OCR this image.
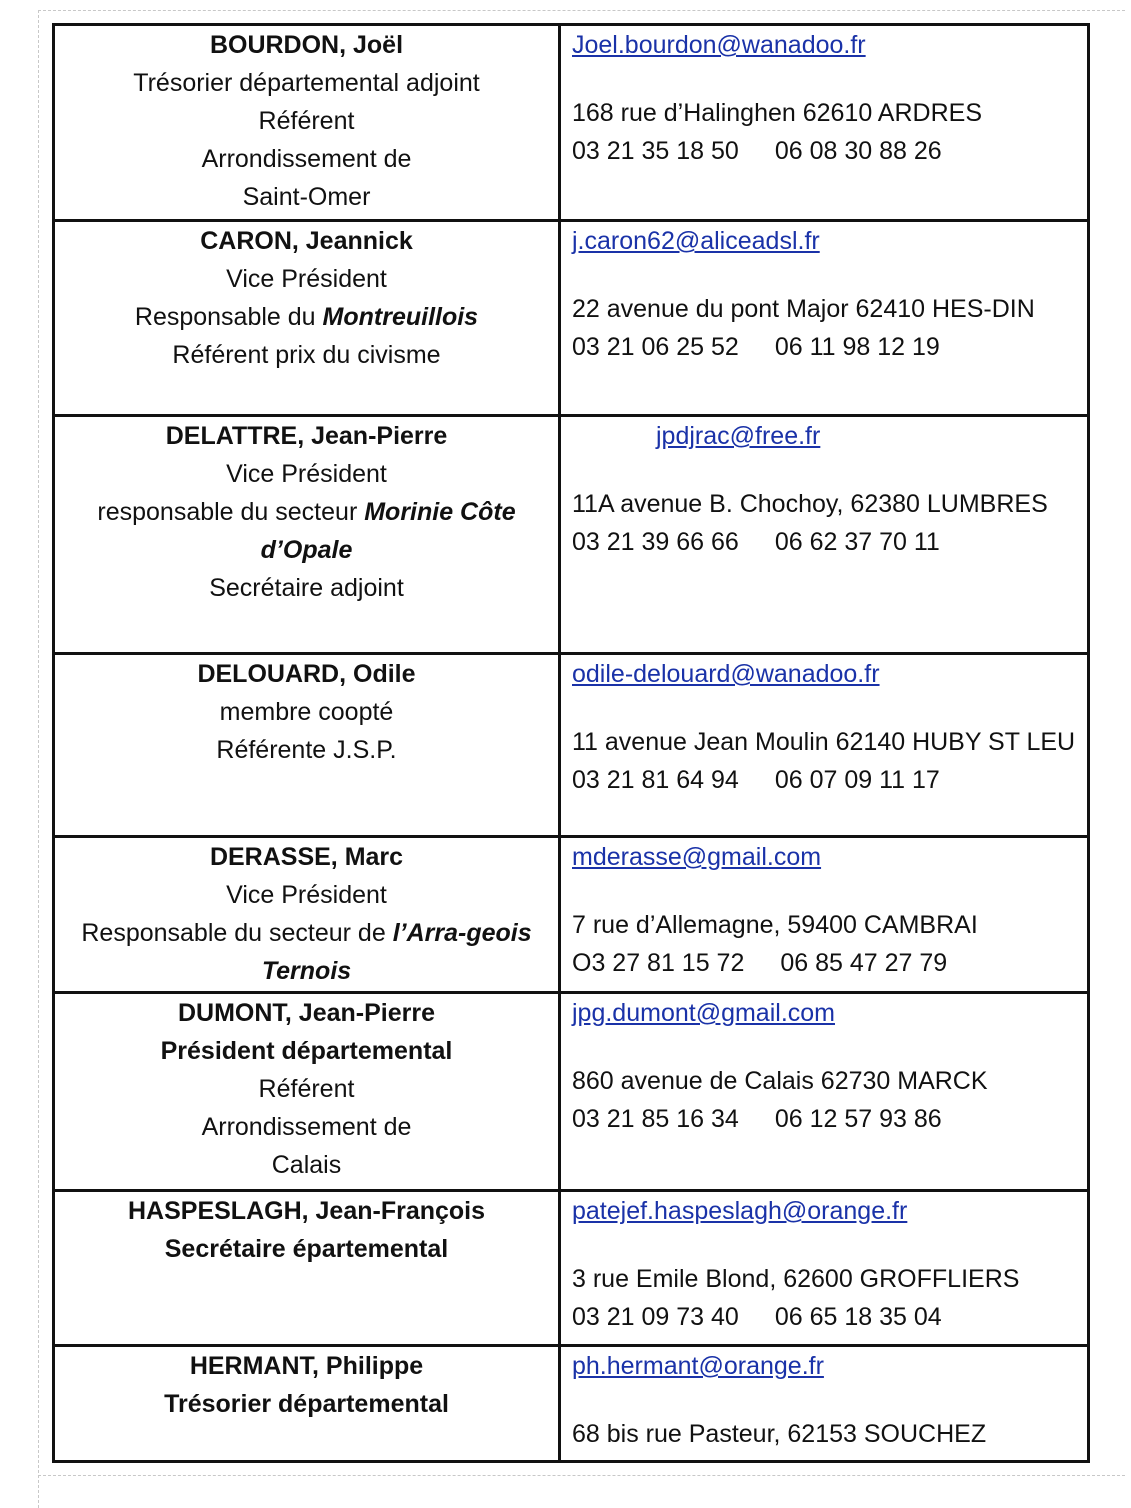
BOURDON, Joël
Trésorier départemental adjoint
Référent
Arrondissement de
Saint-Omer	Joel.bourdon@wanadoo.fr
168 rue d’Halinghen 62610 ARDRES
03 21 35 18 50 06 08 30 88 26

CARON, Jeannick
Vice Président
Responsable du Montreuillois
Référent prix du civisme	j.caron62@aliceadsl.fr
22 avenue du pont Major 62410 HES-DIN
03 21 06 25 52 06 11 98 12 19

DELATTRE, Jean-Pierre
Vice Président
responsable du secteur Morinie Côte d’Opale
Secrétaire adjoint	jpdjrac@free.fr
11A avenue B. Chochoy, 62380 LUMBRES
03 21 39 66 66 06 62 37 70 11

DELOUARD, Odile
membre coopté
Référente J.S.P.	odile-delouard@wanadoo.fr
11 avenue Jean Moulin 62140 HUBY ST LEU
03 21 81 64 94 06 07 09 11 17

DERASSE, Marc
Vice Président
Responsable du secteur de l’Arra-geois Ternois	mderasse@gmail.com
7 rue d’Allemagne, 59400 CAMBRAI
O3 27 81 15 72 06 85 47 27 79

DUMONT, Jean-Pierre
Président départemental
Référent
Arrondissement de
Calais	jpg.dumont@gmail.com
860 avenue de Calais 62730 MARCK
03 21 85 16 34 06 12 57 93 86

HASPESLAGH, Jean-François
Secrétaire épartemental	patejef.haspeslagh@orange.fr
3 rue Emile Blond, 62600 GROFFLIERS
03 21 09 73 40 06 65 18 35 04

HERMANT, Philippe
Trésorier départemental	ph.hermant@orange.fr
68 bis rue Pasteur, 62153 SOUCHEZ
